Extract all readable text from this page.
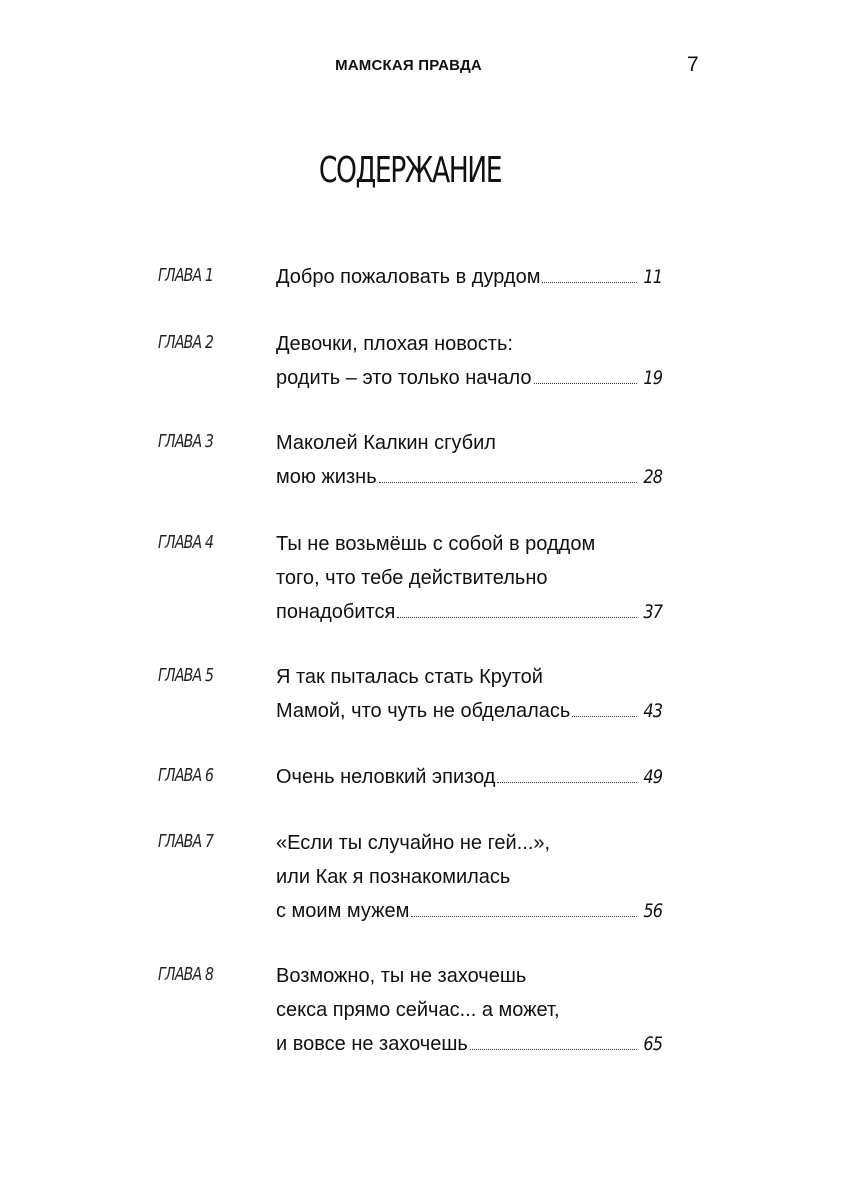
МАМСКАЯ ПРАВДА	7
СОДЕРЖАНИЕ
ГЛАВА 1	Добро пожаловать в дурдом	11
ГЛАВА 2	Девочки, плохая новость:
родить – это только начало	19
ГЛАВА 3	Маколей Калкин сгубил
мою жизнь	28
ГЛАВА 4	Ты не возьмёшь с собой в роддом
того, что тебе действительно
понадобится	37
ГЛАВА 5	Я так пыталась стать Крутой
Мамой, что чуть не обделалась	43
ГЛАВА 6	Очень неловкий эпизод	49
ГЛАВА 7	«Если ты случайно не гей...»,
или Как я познакомилась
с моим мужем	56
ГЛАВА 8	Возможно, ты не захочешь
секса прямо сейчас... а может,
и вовсе не захочешь	65
